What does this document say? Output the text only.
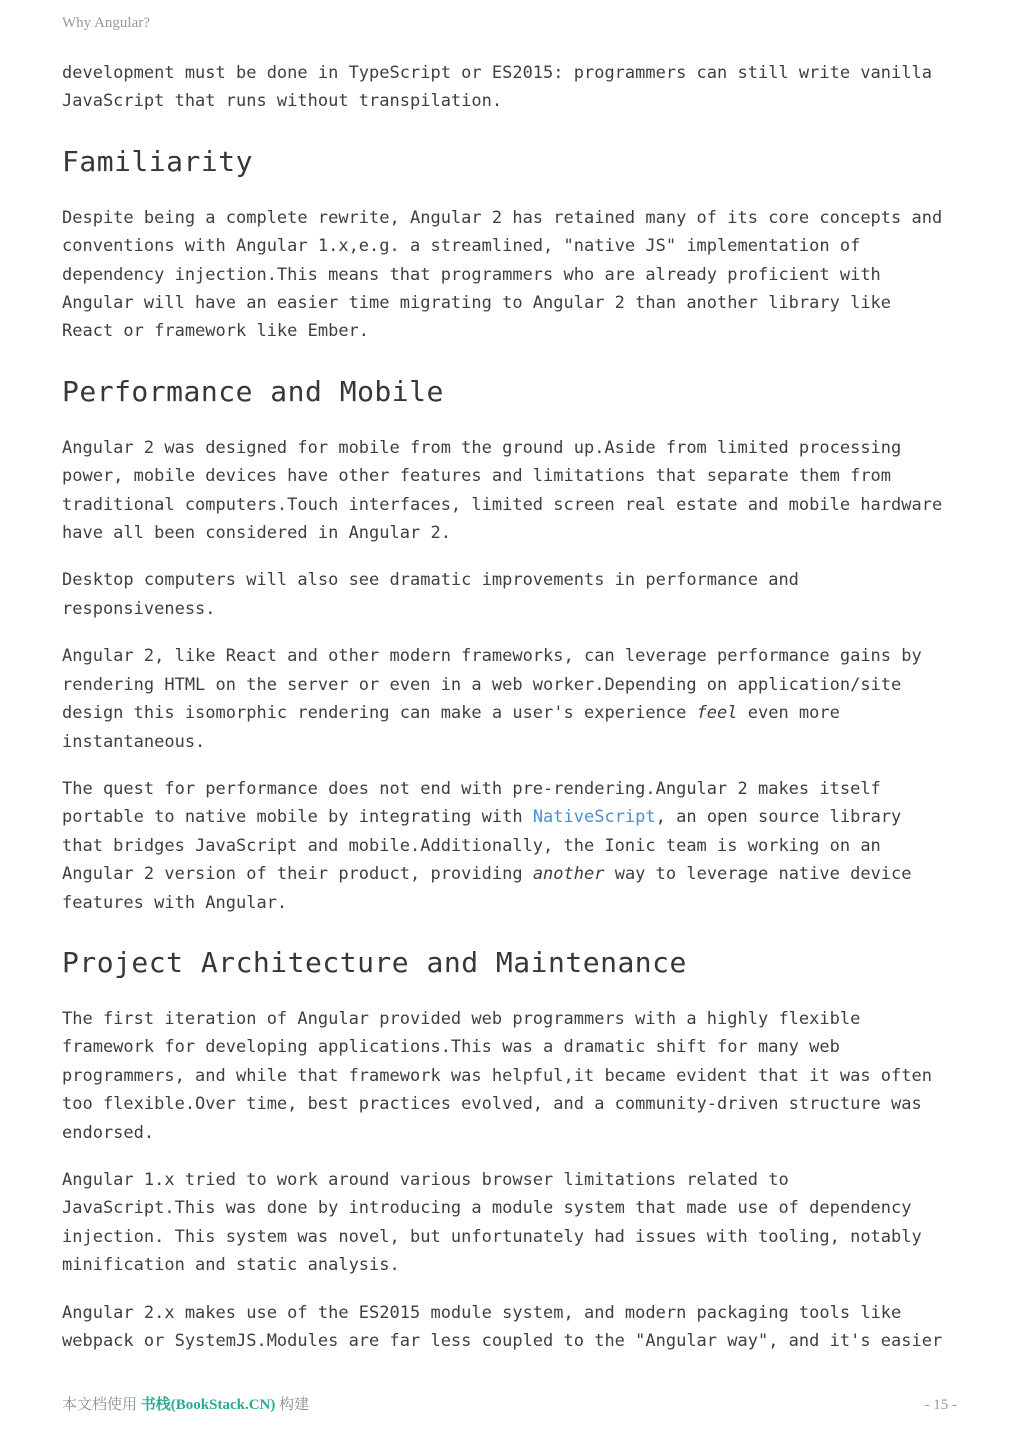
Why Angular?

development must be done in TypeScript or ES2015: programmers can still write vanilla
JavaScript that runs without transpilation.

Familiarity

Despite being a complete rewrite, Angular 2 has retained many of its core concepts and
conventions with Angular 1.x,e.g. a streamlined, "native JS" implementation of
dependency injection.This means that programmers who are already proficient with
Angular will have an easier time migrating to Angular 2 than another library like
React or framework like Ember.

Performance and Mobile

Angular 2 was designed for mobile from the ground up.Aside from limited processing
power, mobile devices have other features and limitations that separate them from
traditional computers.Touch interfaces, limited screen real estate and mobile hardware
have all been considered in Angular 2.

Desktop computers will also see dramatic improvements in performance and
responsiveness.

Angular 2, like React and other modern frameworks, can leverage performance gains by
rendering HTML on the server or even in a web worker.Depending on application/site
design this isomorphic rendering can make a user's experience feel even more
instantaneous.

The quest for performance does not end with pre-rendering.Angular 2 makes itself
portable to native mobile by integrating with NativeScript, an open source library
that bridges JavaScript and mobile.Additionally, the Ionic team is working on an
Angular 2 version of their product, providing another way to leverage native device
features with Angular.

Project Architecture and Maintenance

The first iteration of Angular provided web programmers with a highly flexible
framework for developing applications.This was a dramatic shift for many web
programmers, and while that framework was helpful,it became evident that it was often
too flexible.Over time, best practices evolved, and a community-driven structure was
endorsed.

Angular 1.x tried to work around various browser limitations related to
JavaScript.This was done by introducing a module system that made use of dependency
injection. This system was novel, but unfortunately had issues with tooling, notably
minification and static analysis.

Angular 2.x makes use of the ES2015 module system, and modern packaging tools like
webpack or SystemJS.Modules are far less coupled to the "Angular way", and it's easier

本文档使用 书栈(BookStack.CN) 构建	- 15 -
